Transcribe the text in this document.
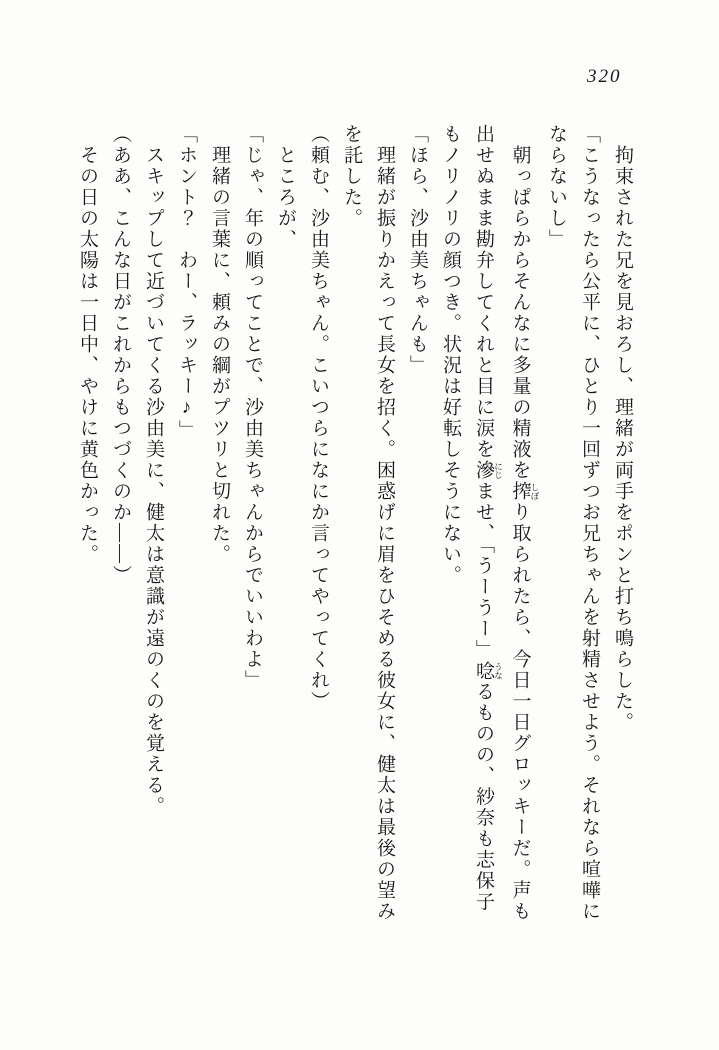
320
拘束された兄を見おろし、理緒が両手をポンと打ち鳴らした。
「こうなったら公平に、ひとり一回ずつお兄ちゃんを射精させよう。それなら喧嘩に
ならないし」
朝っぱらからそんなに多量の精液を搾 しぼり取られたら、今日一日グロッキーだ。声も
出せぬまま勘弁してくれと目に涙を滲 にじませ、「うーうー」唸 うなるものの、紗奈も志保子
もノリノリの顔つき。状況は好転しそうにない。
「ほら、沙由美ちゃんも」
理緒が振りかえって長女を招く。困惑げに眉をひそめる彼女に、健太は最後の望み
を託した。
（頼む、沙由美ちゃん。こいつらになにか言ってやってくれ）
ところが、
「じゃ、年の順ってことで、沙由美ちゃんからでいいわよ」
理緒の言葉に、頼みの綱がプツリと切れた。
「ホント？　わー、ラッキー♪」
スキップして近づいてくる沙由美に、健太は意識が遠のくのを覚える。
（ああ、こんな日がこれからもつづくのか――）
その日の太陽は一日中、やけに黄色かった。
